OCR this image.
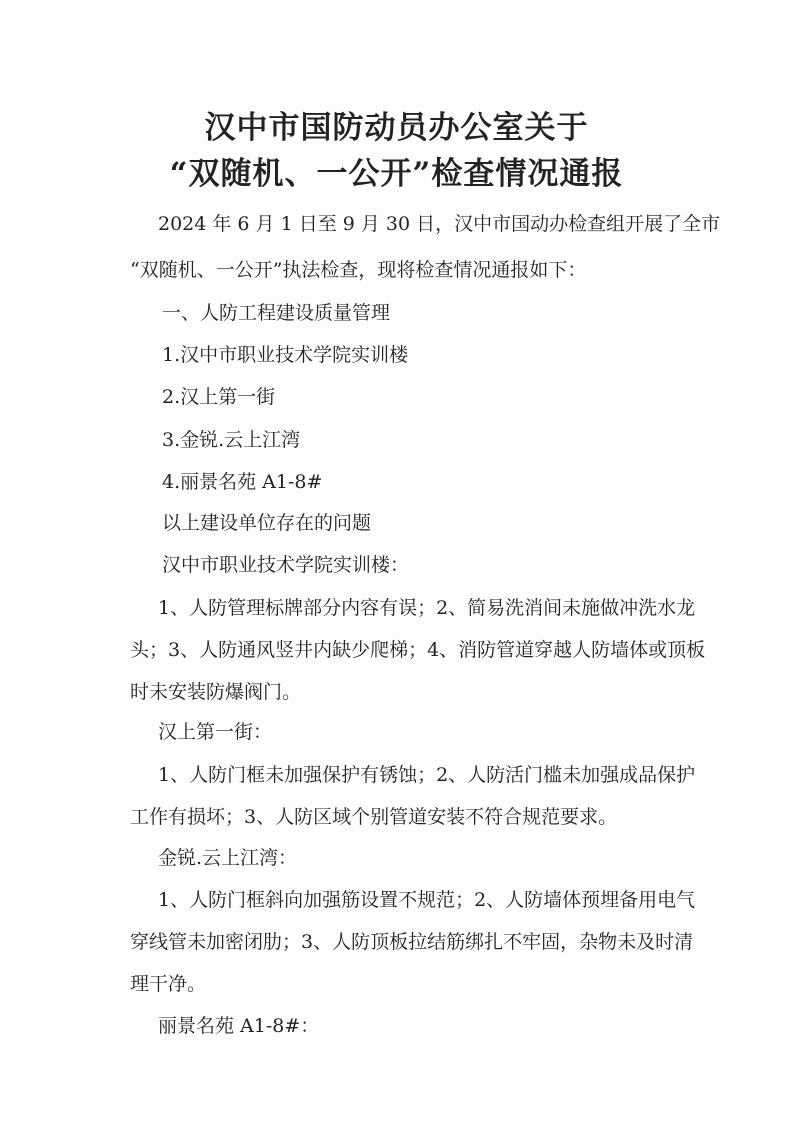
汉中市国防动员办公室关于
“双随机、一公开”检查情况通报
2024 年 6 月 1 日至 9 月 30 日，汉中市国动办检查组开展了全市
“双随机、一公开”执法检查，现将检查情况通报如下：
一、人防工程建设质量管理
1.汉中市职业技术学院实训楼
2.汉上第一街
3.金锐.云上江湾
4.丽景名苑 A1-8#
以上建设单位存在的问题
汉中市职业技术学院实训楼：
1、人防管理标牌部分内容有误；2、简易洗消间未施做冲洗水龙
头；3、人防通风竖井内缺少爬梯；4、消防管道穿越人防墙体或顶板
时未安装防爆阀门。
汉上第一街：
1、人防门框未加强保护有锈蚀；2、人防活门槛未加强成品保护
工作有损坏；3、人防区域个别管道安装不符合规范要求。
金锐.云上江湾：
1、人防门框斜向加强筋设置不规范；2、人防墙体预埋备用电气
穿线管未加密闭肋；3、人防顶板拉结筋绑扎不牢固，杂物未及时清
理干净。
丽景名苑 A1-8#：
